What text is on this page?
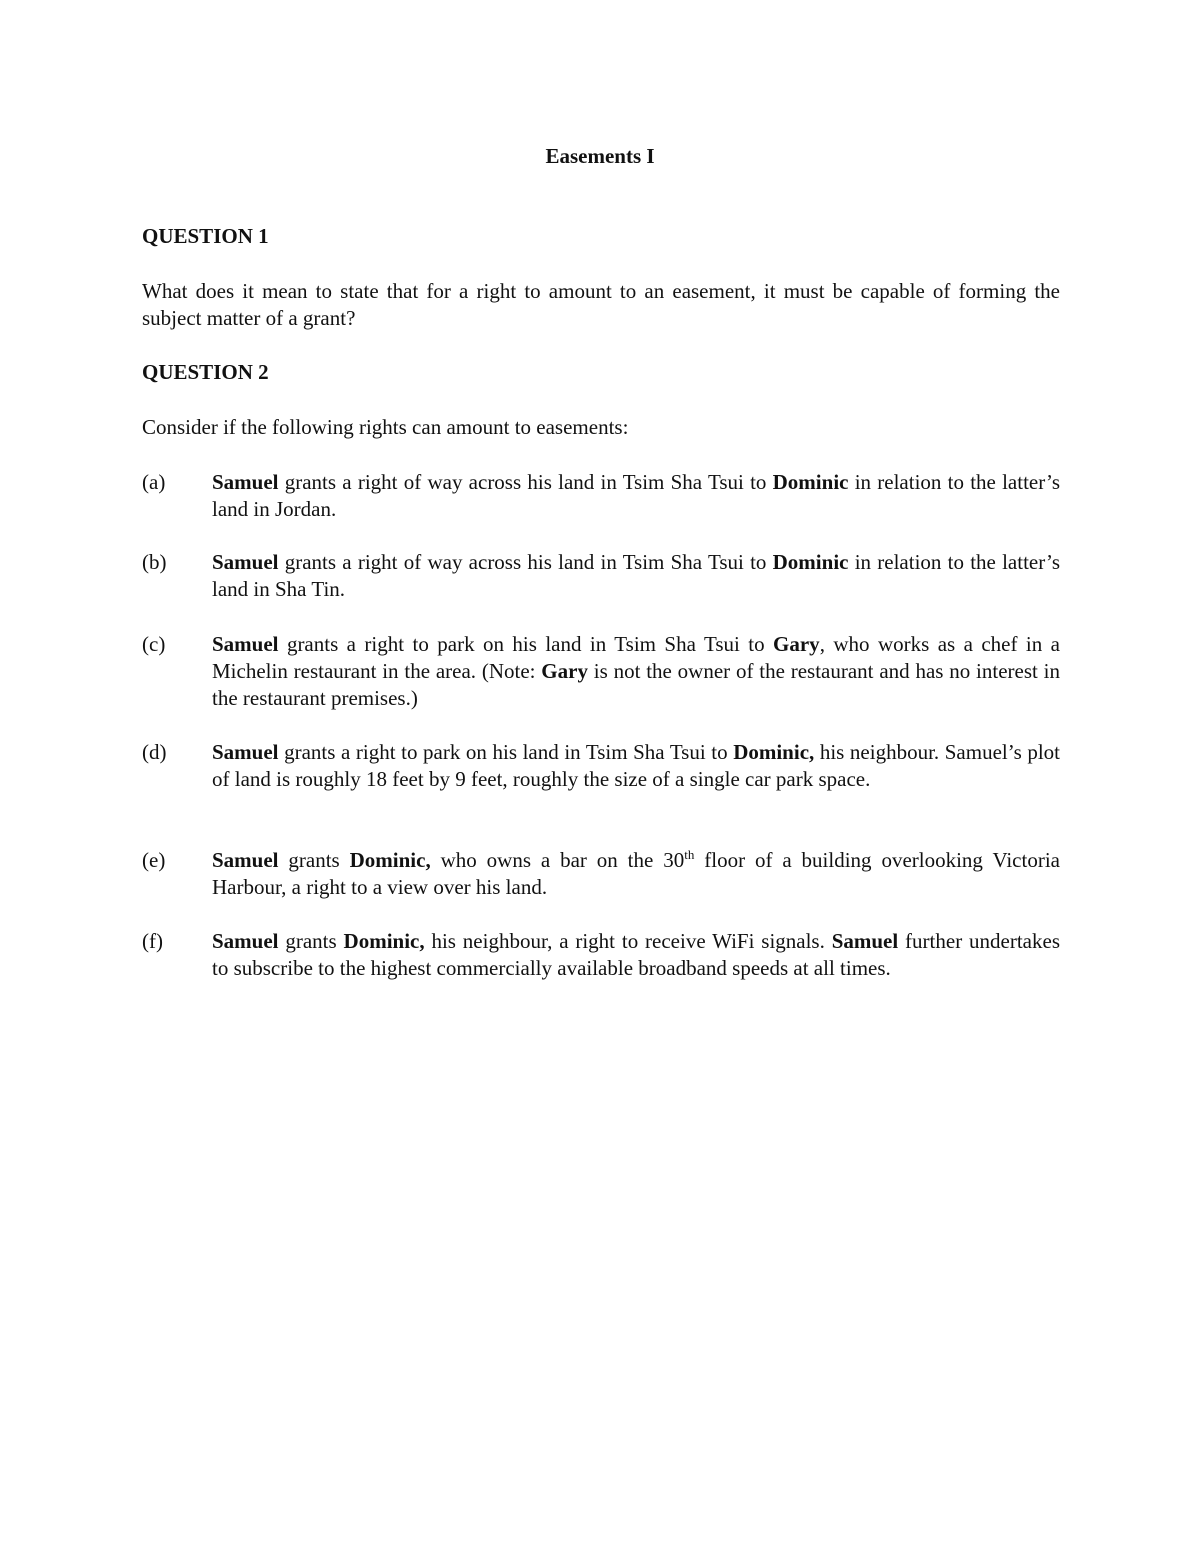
Easements I
QUESTION 1
What does it mean to state that for a right to amount to an easement, it must be capable of forming the subject matter of a grant?
QUESTION 2
Consider if the following rights can amount to easements:
(a)	Samuel grants a right of way across his land in Tsim Sha Tsui to Dominic in relation to the latter’s land in Jordan.
(b)	Samuel grants a right of way across his land in Tsim Sha Tsui to Dominic in relation to the latter’s land in Sha Tin.
(c)	Samuel grants a right to park on his land in Tsim Sha Tsui to Gary, who works as a chef in a Michelin restaurant in the area. (Note: Gary is not the owner of the restaurant and has no interest in the restaurant premises.)
(d)	Samuel grants a right to park on his land in Tsim Sha Tsui to Dominic, his neighbour. Samuel’s plot of land is roughly 18 feet by 9 feet, roughly the size of a single car park space.
(e)	Samuel grants Dominic, who owns a bar on the 30th floor of a building overlooking Victoria Harbour, a right to a view over his land.
(f)	Samuel grants Dominic, his neighbour, a right to receive WiFi signals. Samuel further undertakes to subscribe to the highest commercially available broadband speeds at all times.
